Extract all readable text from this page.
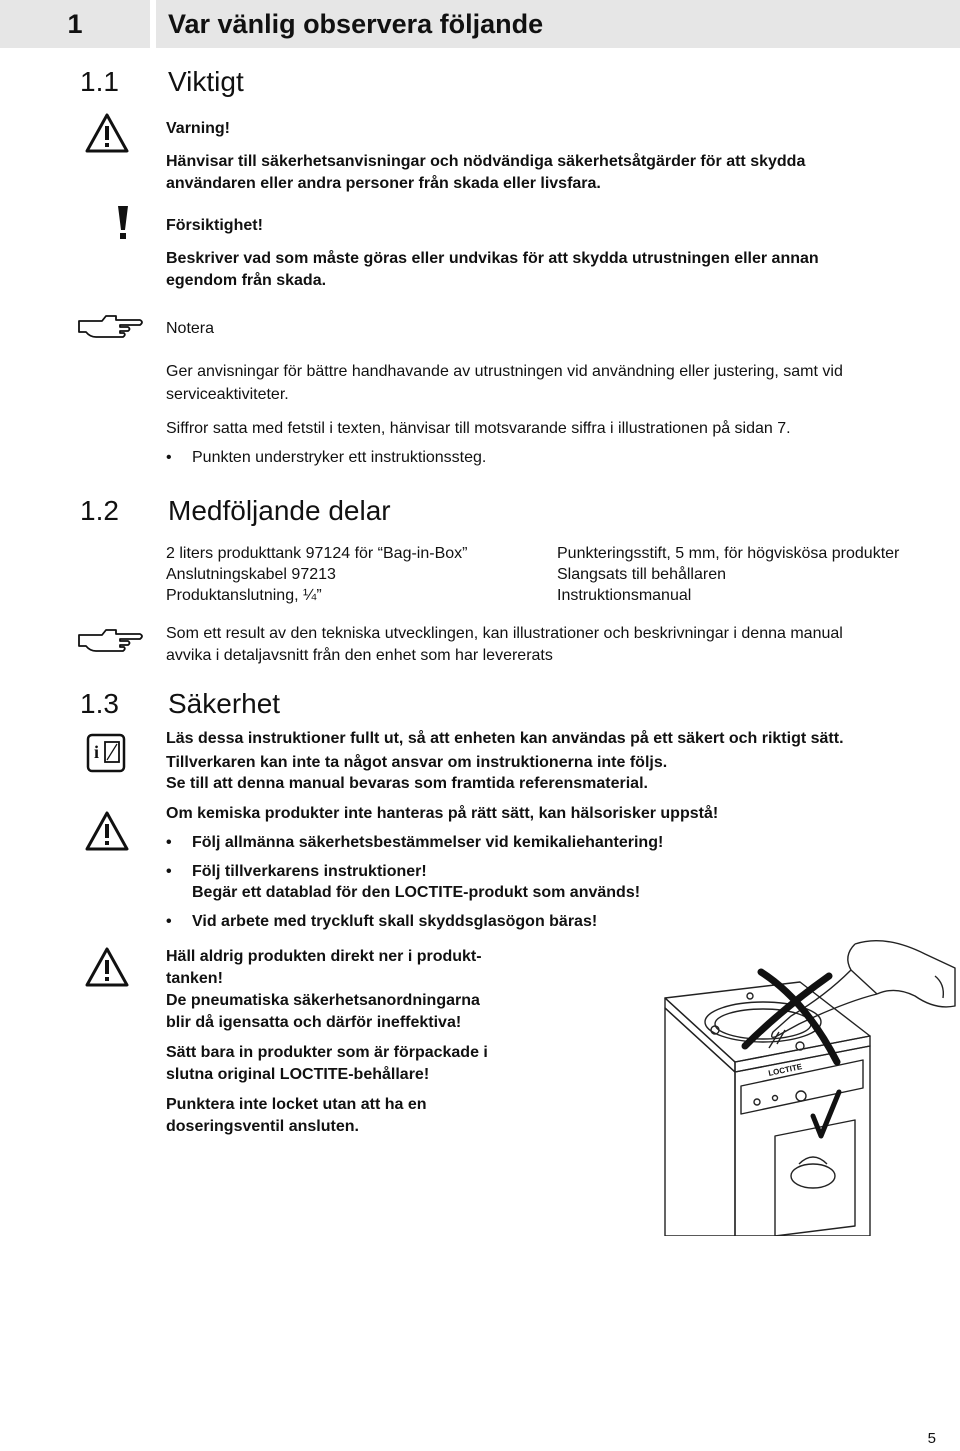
1	Var vänlig observera följande
1.1 Viktigt
Varning!
Hänvisar till säkerhetsanvisningar och nödvändiga säkerhetsåtgärder för att skydda
användaren eller andra personer från skada eller livsfara.
Försiktighet!
Beskriver vad som måste göras eller undvikas för att skydda utrustningen eller annan
egendom från skada.
Notera
Ger anvisningar för bättre handhavande av utrustningen vid användning eller justering, samt vid
serviceaktiviteter.
Siffror satta med fetstil i texten, hänvisar till motsvarande siffra i illustrationen på sidan 7.
• Punkten understryker ett instruktionssteg.
1.2 Medföljande delar
2 liters produkttank 97124 för “Bag-in-Box”
Anslutningskabel 97213
Produktanslutning, ¼”
Punkteringsstift, 5 mm, för högviskösa produkter
Slangsats till behållaren
Instruktionsmanual
Som ett result av den tekniska utvecklingen, kan illustrationer och beskrivningar i denna manual
avvika i detaljavsnitt från den enhet som har levererats
1.3 Säkerhet
i
Läs dessa instruktioner fullt ut, så att enheten kan användas på ett säkert och riktigt sätt.
Tillverkaren kan inte ta något ansvar om instruktionerna inte följs.
Se till att denna manual bevaras som framtida referensmaterial.
Om kemiska produkter inte hanteras på rätt sätt, kan hälsorisker uppstå!
• Följ allmänna säkerhetsbestämmelser vid kemikaliehantering!
• Följ tillverkarens instruktioner!
Begär ett datablad för den LOCTITE-produkt som används!
• Vid arbete med tryckluft skall skyddsglasögon bäras!
Häll aldrig produkten direkt ner i produkt-
tanken!
De pneumatiska säkerhetsanordningarna
blir då igensatta och därför ineffektiva!
Sätt bara in produkter som är förpackade i
slutna original LOCTITE-behållare!
Punktera inte locket utan att ha en
doseringsventil ansluten.
LOCTITE
5
